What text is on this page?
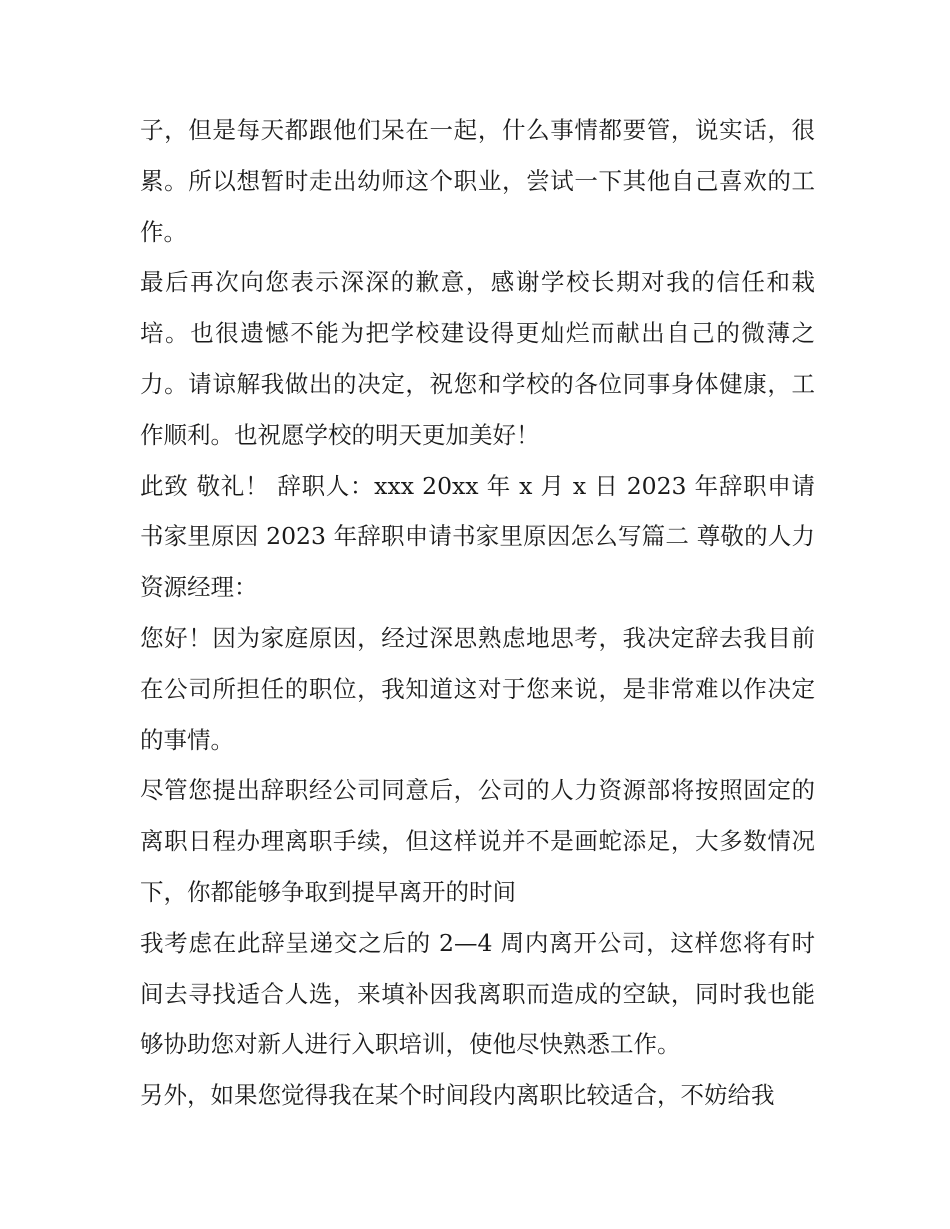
子，但是每天都跟他们呆在一起，什么事情都要管，说实话，很累。所以想暂时走出幼师这个职业，尝试一下其他自己喜欢的工作。

最后再次向您表示深深的歉意，感谢学校长期对我的信任和栽培。也很遗憾不能为把学校建设得更灿烂而献出自己的微薄之力。请谅解我做出的决定，祝您和学校的各位同事身体健康，工作顺利。也祝愿学校的明天更加美好！

此致 敬礼！ 辞职人：xxx 20xx 年 x 月 x 日 2023 年辞职申请书家里原因 2023 年辞职申请书家里原因怎么写篇二 尊敬的人力资源经理：

您好！因为家庭原因，经过深思熟虑地思考，我决定辞去我目前在公司所担任的职位，我知道这对于您来说，是非常难以作决定的事情。

尽管您提出辞职经公司同意后，公司的人力资源部将按照固定的离职日程办理离职手续，但这样说并不是画蛇添足，大多数情况下，你都能够争取到提早离开的时间

我考虑在此辞呈递交之后的 2—4 周内离开公司，这样您将有时间去寻找适合人选，来填补因我离职而造成的空缺，同时我也能够协助您对新人进行入职培训，使他尽快熟悉工作。

另外，如果您觉得我在某个时间段内离职比较适合，不妨给我
